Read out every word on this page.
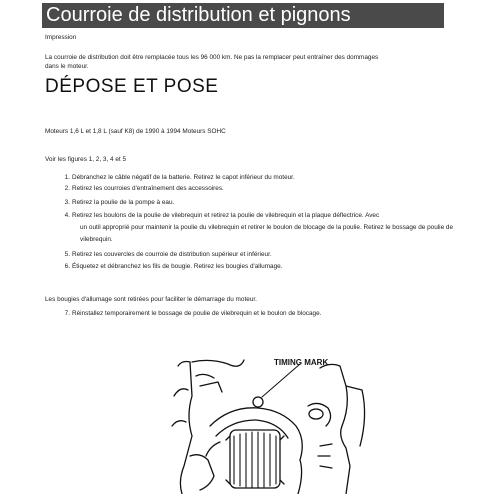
Courroie de distribution et pignons
Impression
La courroie de distribution doit être remplacée tous les 96 000 km. Ne pas la remplacer peut entraîner des dommages
dans le moteur.
DÉPOSE ET POSE
Moteurs 1,6 L et 1,8 L (sauf K8) de 1990 à 1994 Moteurs SOHC
Voir les figures 1, 2, 3, 4 et 5
1. Débranchez le câble négatif de la batterie. Retirez le capot inférieur du moteur.
2. Retirez les courroies d'entraînement des accessoires.
3. Retirez la poulie de la pompe à eau.
4. Retirez les boulons de la poulie de vilebrequin et retirez la poulie de vilebrequin et la plaque déflectrice. Avec
un outil approprié pour maintenir la poulie du vilebrequin et retirer le boulon de blocage de la poulie. Retirez le bossage de poulie de
vilebrequin.
5. Retirez les couvercles de courroie de distribution supérieur et inférieur.
6. Étiquetez et débranchez les fils de bougie. Retirez les bougies d'allumage.
Les bougies d'allumage sont retirées pour faciliter le démarrage du moteur.
7. Réinstallez temporairement le bossage de poulie de vilebrequin et le boulon de blocage.
TIMING MARK
